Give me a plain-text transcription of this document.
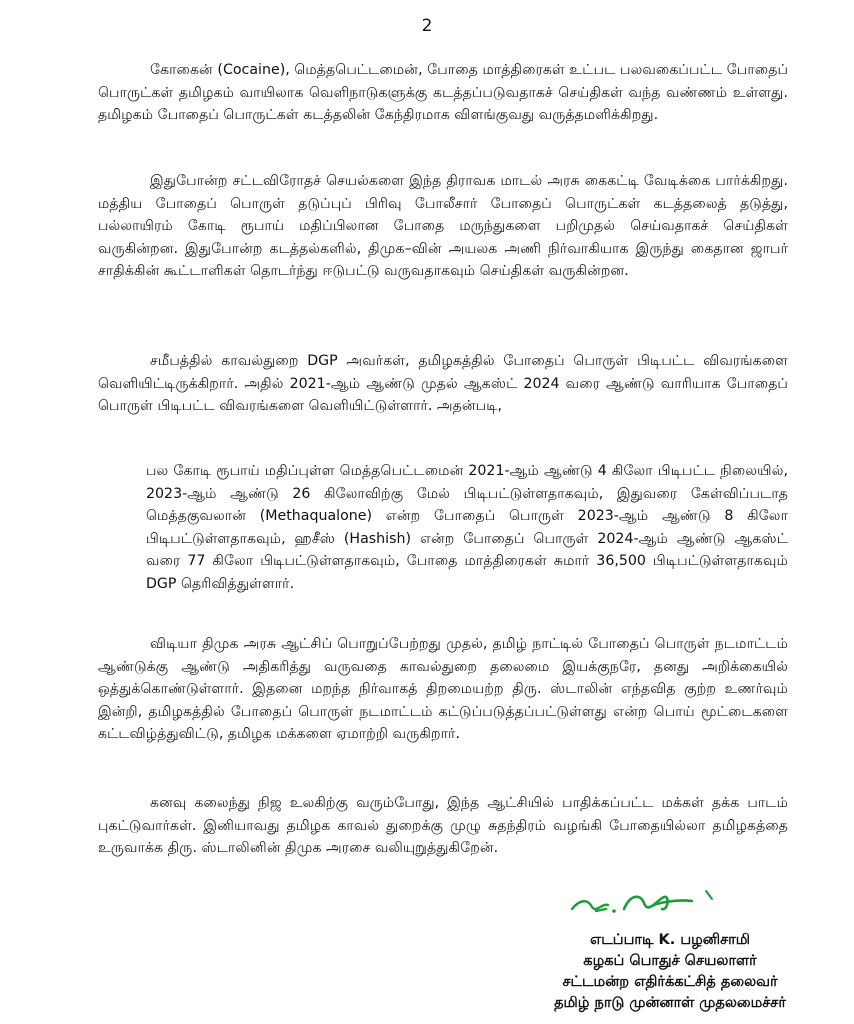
2

கோகைன் (Cocaine), மெத்தபெட்டமைன், போதை மாத்திரைகள் உட்பட பலவகைப்பட்ட போதைப் பொருட்கள் தமிழகம் வாயிலாக வெளிநாடுகளுக்கு கடத்தப்படுவதாகச் செய்திகள் வந்த வண்ணம் உள்ளது. தமிழகம் போதைப் பொருட்கள் கடத்தலின் கேந்திரமாக விளங்குவது வருத்தமளிக்கிறது.

இதுபோன்ற சட்டவிரோதச் செயல்களை இந்த திராவக மாடல் அரசு கைகட்டி வேடிக்கை பார்க்கிறது. மத்திய போதைப் பொருள் தடுப்புப் பிரிவு போலீசார் போதைப் பொருட்கள் கடத்தலைத் தடுத்து, பல்லாயிரம் கோடி ரூபாய் மதிப்பிலான போதை மருந்துகளை பறிமுதல் செய்வதாகச் செய்திகள் வருகின்றன. இதுபோன்ற கடத்தல்களில், திமுக–வின் அயலக அணி நிர்வாகியாக இருந்து கைதான ஜாபர் சாதிக்கின் கூட்டாளிகள் தொடர்ந்து ஈடுபட்டு வருவதாகவும் செய்திகள் வருகின்றன.

சமீபத்தில் காவல்துறை DGP அவர்கள், தமிழகத்தில் போதைப் பொருள் பிடிபட்ட விவரங்களை வெளியிட்டிருக்கிறார். அதில் 2021-ஆம் ஆண்டு முதல் ஆகஸ்ட் 2024 வரை ஆண்டு வாரியாக போதைப் பொருள் பிடிபட்ட விவரங்களை வெளியிட்டுள்ளார். அதன்படி,

பல கோடி ரூபாய் மதிப்புள்ள மெத்தபெட்டமைன் 2021-ஆம் ஆண்டு 4 கிலோ பிடிபட்ட நிலையில், 2023-ஆம் ஆண்டு 26 கிலோவிற்கு மேல் பிடிபட்டுள்ளதாகவும், இதுவரை கேள்விப்படாத மெத்தகுவலான் (Methaqualone) என்ற போதைப் பொருள் 2023-ஆம் ஆண்டு 8 கிலோ பிடிபட்டுள்ளதாகவும், ஹசீஸ் (Hashish) என்ற போதைப் பொருள் 2024-ஆம் ஆண்டு ஆகஸ்ட் வரை 77 கிலோ பிடிபட்டுள்ளதாகவும், போதை மாத்திரைகள் சுமார் 36,500 பிடிபட்டுள்ளதாகவும் DGP தெரிவித்துள்ளார்.

விடியா திமுக அரசு ஆட்சிப் பொறுப்பேற்றது முதல், தமிழ் நாட்டில் போதைப் பொருள் நடமாட்டம் ஆண்டுக்கு ஆண்டு அதிகரித்து வருவதை காவல்துறை தலைமை இயக்குநரே, தனது அறிக்கையில் ஒத்துக்கொண்டுள்ளார். இதனை மறந்த நிர்வாகத் திறமையற்ற திரு. ஸ்டாலின் எந்தவித குற்ற உணர்வும் இன்றி, தமிழகத்தில் போதைப் பொருள் நடமாட்டம் கட்டுப்படுத்தப்பட்டுள்ளது என்ற பொய் மூட்டைகளை கட்டவிழ்த்துவிட்டு, தமிழக மக்களை ஏமாற்றி வருகிறார்.

கனவு கலைந்து நிஜ உலகிற்கு வரும்போது, இந்த ஆட்சியில் பாதிக்கப்பட்ட மக்கள் தக்க பாடம் புகட்டுவார்கள். இனியாவது தமிழக காவல் துறைக்கு முழு சுதந்திரம் வழங்கி போதையில்லா தமிழகத்தை உருவாக்க திரு. ஸ்டாலினின் திமுக அரசை வலியுறுத்துகிறேன்.

எடப்பாடி K. பழனிசாமி
கழகப் பொதுச் செயலாளர்
சட்டமன்ற எதிர்க்கட்சித் தலைவர்
தமிழ் நாடு முன்னாள் முதலமைச்சர்
